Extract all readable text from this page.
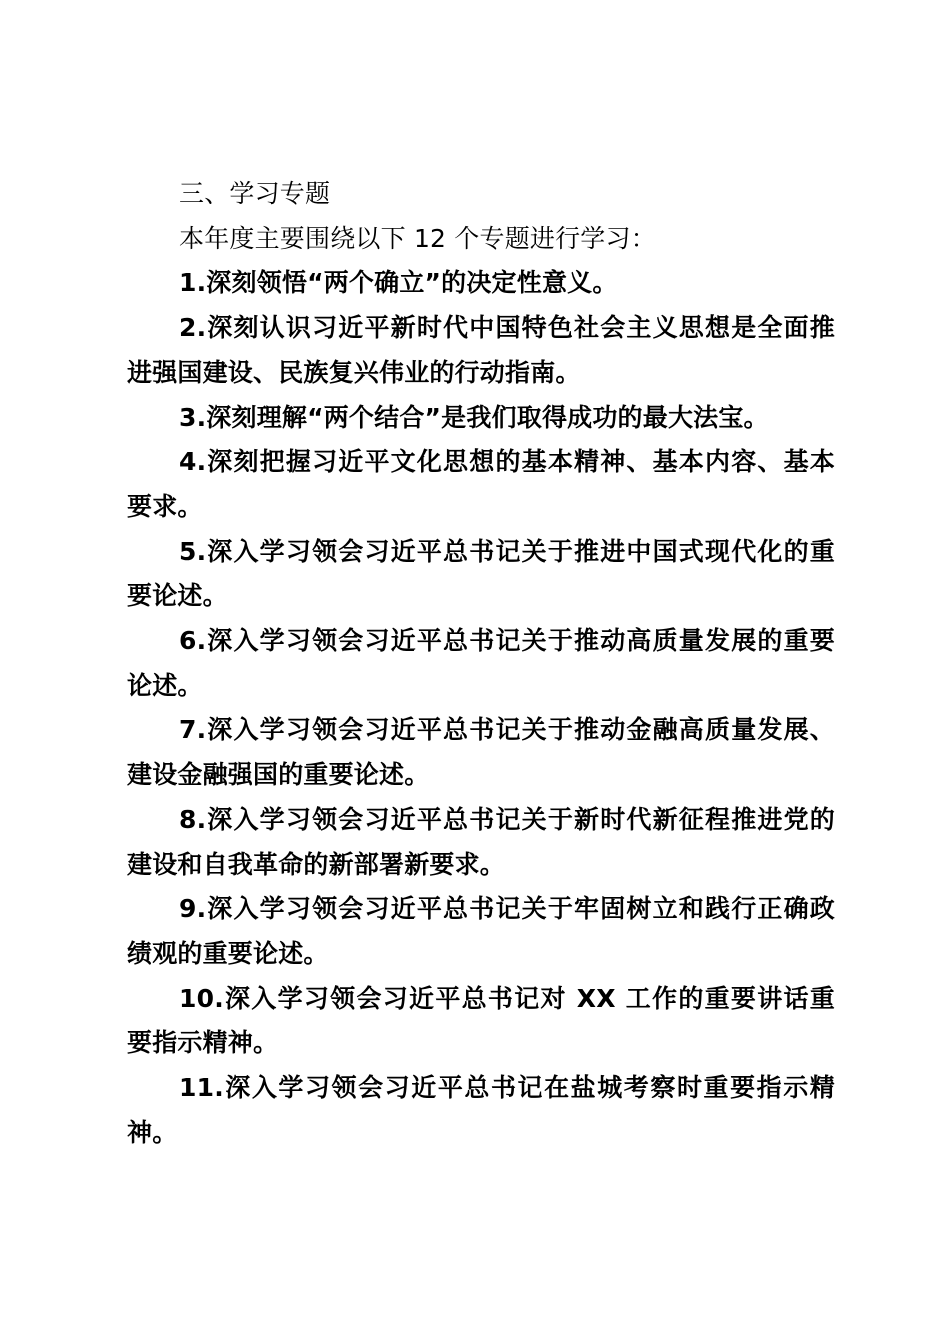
三、学习专题

本年度主要围绕以下 12 个专题进行学习：

1.深刻领悟“两个确立”的决定性意义。

2.深刻认识习近平新时代中国特色社会主义思想是全面推进强国建设、民族复兴伟业的行动指南。

3.深刻理解“两个结合”是我们取得成功的最大法宝。

4.深刻把握习近平文化思想的基本精神、基本内容、基本要求。

5.深入学习领会习近平总书记关于推进中国式现代化的重要论述。

6.深入学习领会习近平总书记关于推动高质量发展的重要论述。

7.深入学习领会习近平总书记关于推动金融高质量发展、建设金融强国的重要论述。

8.深入学习领会习近平总书记关于新时代新征程推进党的建设和自我革命的新部署新要求。

9.深入学习领会习近平总书记关于牢固树立和践行正确政绩观的重要论述。

10.深入学习领会习近平总书记对 XX 工作的重要讲话重要指示精神。

11.深入学习领会习近平总书记在盐城考察时重要指示精神。
